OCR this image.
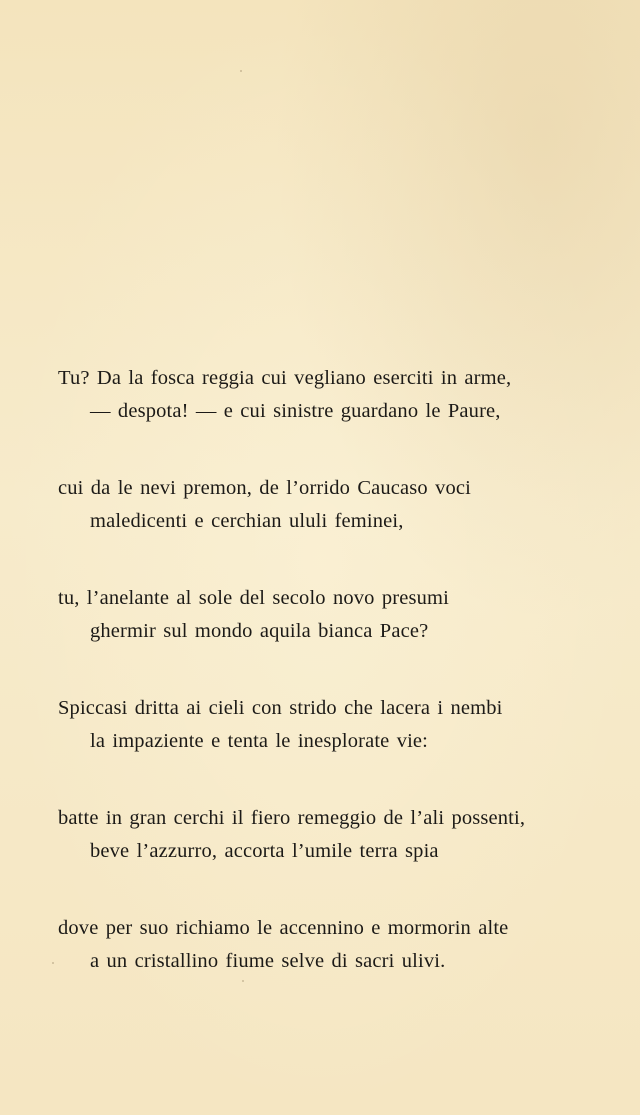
Tu? Da la fosca reggia cui vegliano eserciti in arme,
— despota! — e cui sinistre guardano le Paure,
cui da le nevi premon, de l’orrido Caucaso voci
maledicenti e cerchian ululi feminei,
tu, l’anelante al sole del secolo novo presumi
ghermir sul mondo aquila bianca Pace?
Spiccasi dritta ai cieli con strido che lacera i nembi
la impaziente e tenta le inesplorate vie:
batte in gran cerchi il fiero remeggio de l’ali possenti,
beve l’azzurro, accorta l’umile terra spia
dove per suo richiamo le accennino e mormorin alte
a un cristallino fiume selve di sacri ulivi.
